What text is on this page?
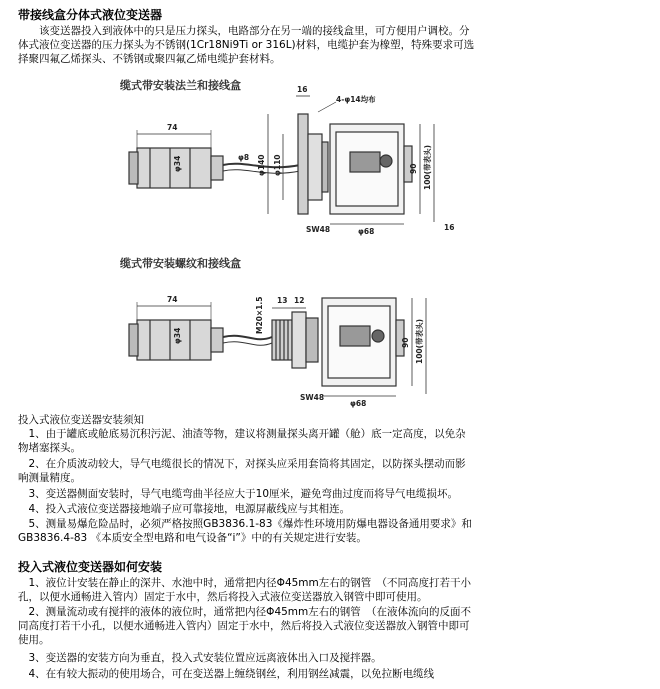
带接线盒分体式液位变送器
　　该变送器投入到液体中的只是压力探头，电路部分在另一端的接线盒里，可方便用户调校。分
体式液位变送器的压力探头为不锈钢(1Cr18Ni9Ti or 316L)材料，电缆护套为橡塑，特殊要求可选
择聚四氟乙烯探头、不锈钢或聚四氟乙烯电缆护套材料。
缆式带安装法兰和接线盒
74
φ34	φ8 φ140 φ110
16
4-φ14均布
90 100(带表头)
φ68
SW48	16
缆式带安装螺纹和接线盒
74
φ34
M20×1.5 13 12
90 100(带表头)
φ68
SW48
投入式液位变送器安装须知
　1、由于罐底或舱底易沉积污泥、油渣等物，建议将测量探头离开罐（舱）底一定高度，以免杂
物堵塞探头。
　2、在介质波动较大，导气电缆很长的情况下，对探头应采用套筒将其固定，以防探头摆动而影
响测量精度。
　3、变送器侧面安装时，导气电缆弯曲半径应大于10厘米，避免弯曲过度而将导气电缆损坏。
　4、投入式液位变送器接地端子应可靠接地，电源屏蔽线应与其相连。
　5、测量易爆危险品时，必须严格按照GB3836.1-83《爆炸性环境用防爆电器设备通用要求》和
GB3836.4-83 《本质安全型电路和电气设备“i”》中的有关规定进行安装。
投入式液位变送器如何安装
　1、液位计安装在静止的深井、水池中时，通常把内径Φ45mm左右的钢管　（不同高度打若干小
孔，以便水通畅进入管内）固定于水中，然后将投入式液位变送器放入钢管中即可使用。
　2、测量流动或有搅拌的液体的液位时，通常把内径Φ45mm左右的钢管　（在液体流向的反面不
同高度打若干小孔，以便水通畅进入管内）固定于水中，然后将投入式液位变送器放入钢管中即可
使用。
　3、变送器的安装方向为垂直，投入式安装位置应远离液体出入口及搅拌器。
　4、在有较大振动的使用场合，可在变送器上缠绕钢丝，利用钢丝减震，以免拉断电缆线
